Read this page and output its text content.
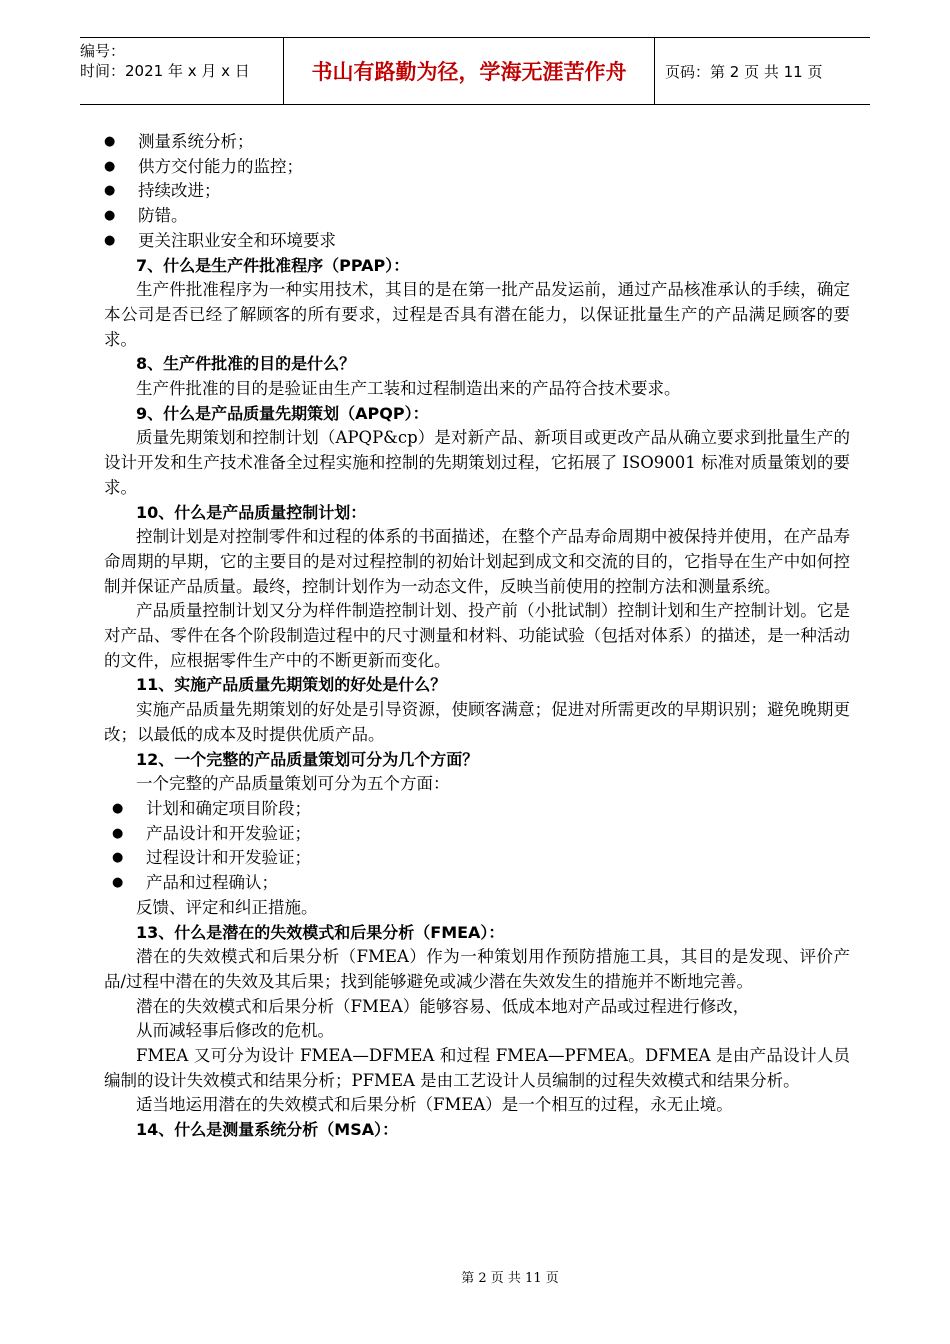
编号：
时间：2021 年 x 月 x 日	书山有路勤为径，学海无涯苦作舟	页码：第 2 页 共 11 页
●	测量系统分析；
●	供方交付能力的监控；
●	持续改进；
●	防错。
●	更关注职业安全和环境要求

7、什么是生产件批准程序（PPAP）：

生产件批准程序为一种实用技术，其目的是在第一批产品发运前，通过产品核准承认的手续，确定本公司是否已经了解顾客的所有要求，过程是否具有潜在能力，以保证批量生产的产品满足顾客的要求。

8、生产件批准的目的是什么？

生产件批准的目的是验证由生产工装和过程制造出来的产品符合技术要求。

9、什么是产品质量先期策划（APQP）：

质量先期策划和控制计划（APQP&cp）是对新产品、新项目或更改产品从确立要求到批量生产的设计开发和生产技术准备全过程实施和控制的先期策划过程，它拓展了 ISO9001 标准对质量策划的要求。

10、什么是产品质量控制计划：

控制计划是对控制零件和过程的体系的书面描述，在整个产品寿命周期中被保持并使用，在产品寿命周期的早期，它的主要目的是对过程控制的初始计划起到成文和交流的目的，它指导在生产中如何控制并保证产品质量。最终，控制计划作为一动态文件，反映当前使用的控制方法和测量系统。

产品质量控制计划又分为样件制造控制计划、投产前（小批试制）控制计划和生产控制计划。它是对产品、零件在各个阶段制造过程中的尺寸测量和材料、功能试验（包括对体系）的描述，是一种活动的文件，应根据零件生产中的不断更新而变化。

11、实施产品质量先期策划的好处是什么？

实施产品质量先期策划的好处是引导资源，使顾客满意；促进对所需更改的早期识别；避免晚期更改；以最低的成本及时提供优质产品。

12、一个完整的产品质量策划可分为几个方面？

一个完整的产品质量策划可分为五个方面：

●	计划和确定项目阶段；
●	产品设计和开发验证；
●	过程设计和开发验证；
●	产品和过程确认；

反馈、评定和纠正措施。

13、什么是潜在的失效模式和后果分析（FMEA）：

潜在的失效模式和后果分析（FMEA）作为一种策划用作预防措施工具，其目的是发现、评价产品/过程中潜在的失效及其后果；找到能够避免或减少潜在失效发生的措施并不断地完善。

潜在的失效模式和后果分析（FMEA）能够容易、低成本地对产品或过程进行修改，

从而减轻事后修改的危机。

FMEA 又可分为设计 FMEA—DFMEA 和过程 FMEA—PFMEA。DFMEA 是由产品设计人员编制的设计失效模式和结果分析；PFMEA 是由工艺设计人员编制的过程失效模式和结果分析。

适当地运用潜在的失效模式和后果分析（FMEA）是一个相互的过程，永无止境。

14、什么是测量系统分析（MSA）：

第 2 页 共 11 页
